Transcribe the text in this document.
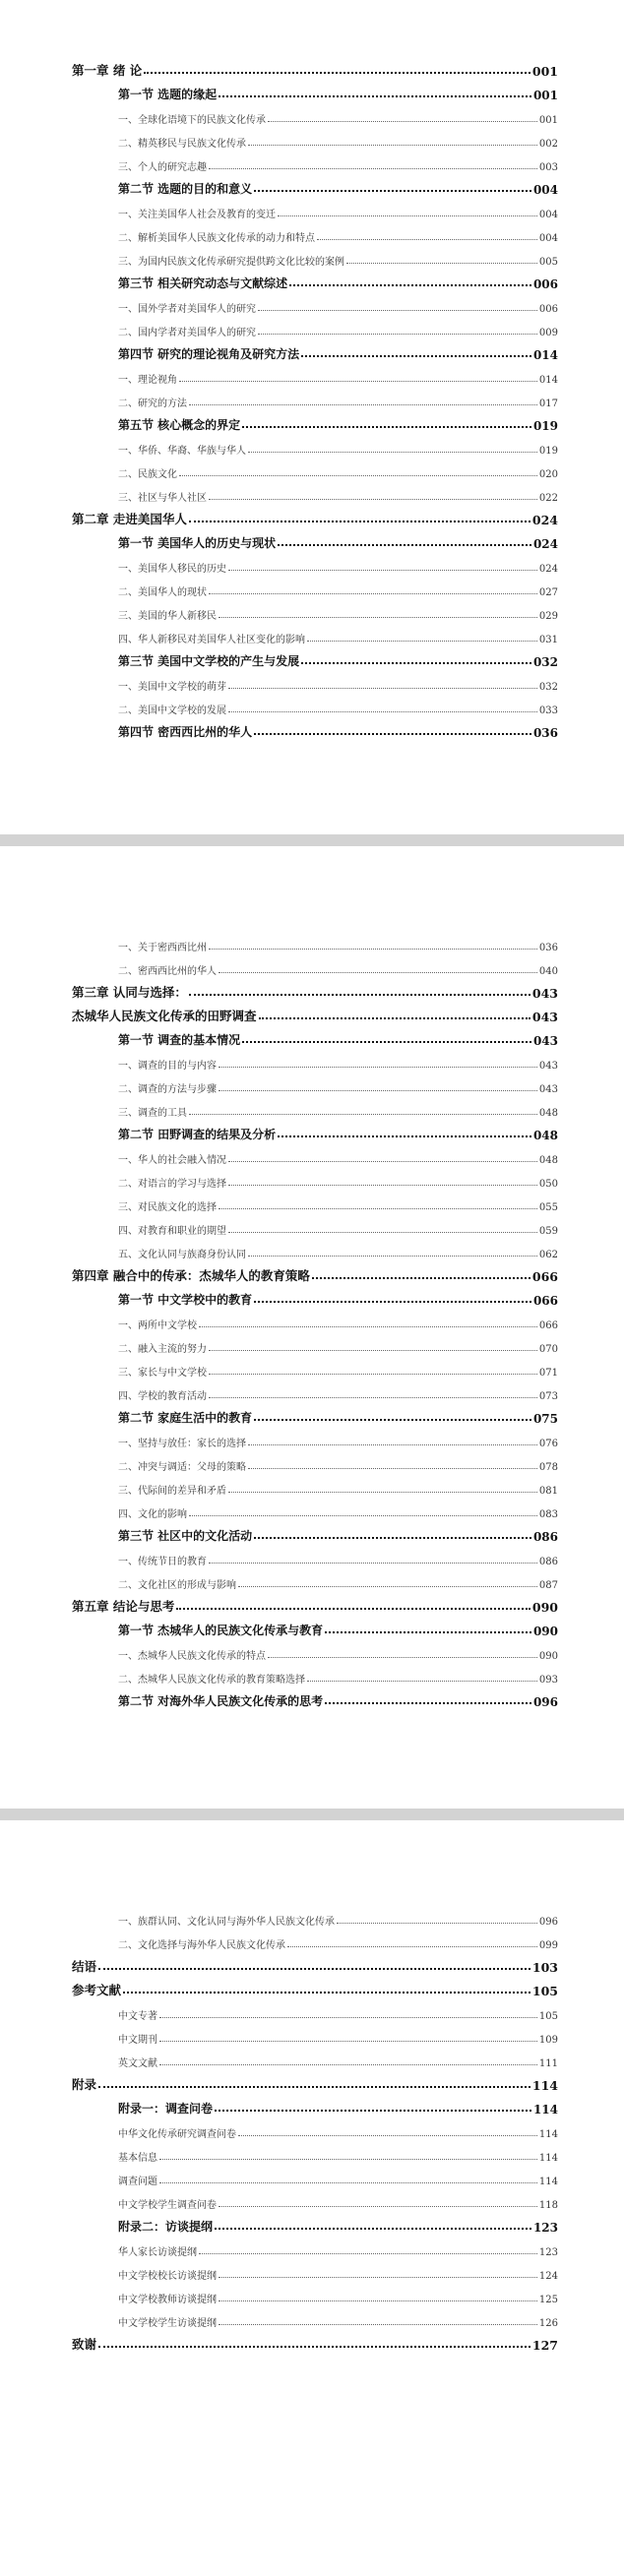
第一章 绪 论	001
第一节 选题的缘起	001
一、全球化语境下的民族文化传承	001
二、精英移民与民族文化传承	002
三、个人的研究志趣	003
第二节 选题的目的和意义	004
一、关注美国华人社会及教育的变迁	004
二、解析美国华人民族文化传承的动力和特点	004
三、为国内民族文化传承研究提供跨文化比较的案例	005
第三节 相关研究动态与文献综述	006
一、国外学者对美国华人的研究	006
二、国内学者对美国华人的研究	009
第四节 研究的理论视角及研究方法	014
一、理论视角	014
二、研究的方法	017
第五节 核心概念的界定	019
一、华侨、华裔、华族与华人	019
二、民族文化	020
三、社区与华人社区	022
第二章 走进美国华人	024
第一节 美国华人的历史与现状	024
一、美国华人移民的历史	024
二、美国华人的现状	027
三、美国的华人新移民	029
四、华人新移民对美国华人社区变化的影响	031
第三节 美国中文学校的产生与发展	032
一、美国中文学校的萌芽	032
二、美国中文学校的发展	033
第四节 密西西比州的华人	036
一、关于密西西比州	036
二、密西西比州的华人	040
第三章 认同与选择：	043
杰城华人民族文化传承的田野调查	043
第一节 调查的基本情况	043
一、调查的目的与内容	043
二、调查的方法与步骤	043
三、调查的工具	048
第二节 田野调查的结果及分析	048
一、华人的社会融入情况	048
二、对语言的学习与选择	050
三、对民族文化的选择	055
四、对教育和职业的期望	059
五、文化认同与族裔身份认同	062
第四章 融合中的传承：杰城华人的教育策略	066
第一节 中文学校中的教育	066
一、两所中文学校	066
二、融入主流的努力	070
三、家长与中文学校	071
四、学校的教育活动	073
第二节 家庭生活中的教育	075
一、坚持与放任：家长的选择	076
二、冲突与调适：父母的策略	078
三、代际间的差异和矛盾	081
四、文化的影响	083
第三节 社区中的文化活动	086
一、传统节日的教育	086
二、文化社区的形成与影响	087
第五章 结论与思考	090
第一节 杰城华人的民族文化传承与教育	090
一、杰城华人民族文化传承的特点	090
二、杰城华人民族文化传承的教育策略选择	093
第二节 对海外华人民族文化传承的思考	096
一、族群认同、文化认同与海外华人民族文化传承	096
二、文化选择与海外华人民族文化传承	099
结语	103
参考文献	105
中文专著	105
中文期刊	109
英文文献	111
附录	114
附录一：调查问卷	114
中华文化传承研究调查问卷	114
基本信息	114
调查问题	114
中文学校学生调查问卷	118
附录二：访谈提纲	123
华人家长访谈提纲	123
中文学校校长访谈提纲	124
中文学校教师访谈提纲	125
中文学校学生访谈提纲	126
致谢	127
